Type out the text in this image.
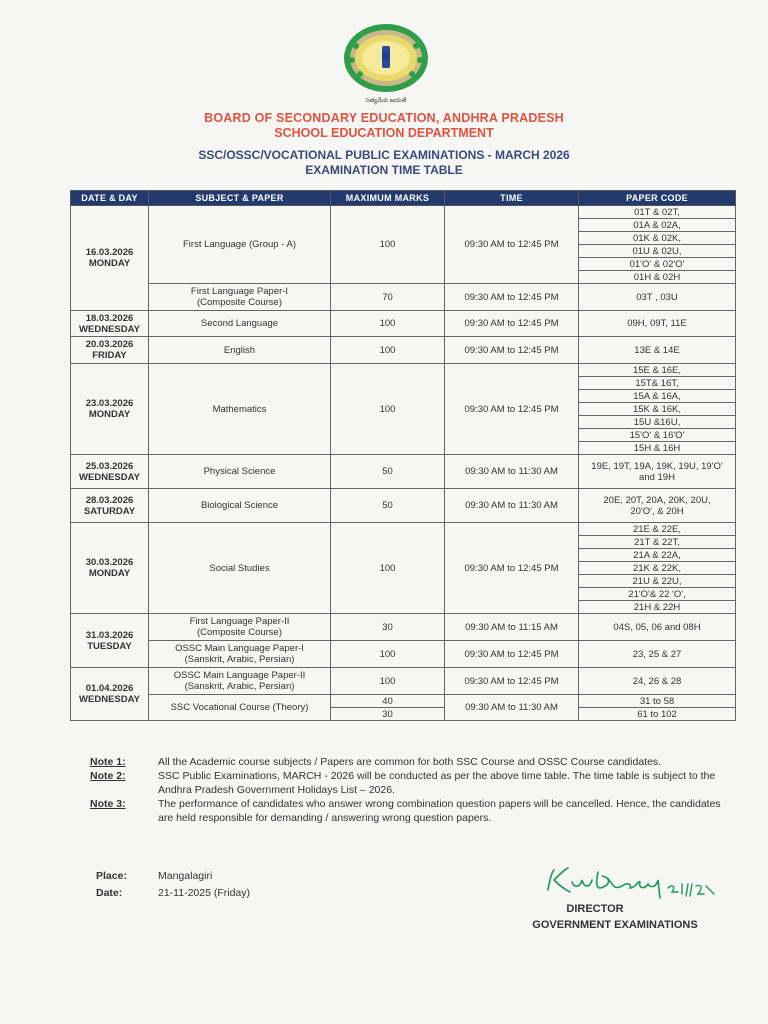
సత్యమేవ జయతే
BOARD OF SECONDARY EDUCATION, ANDHRA PRADESH
SCHOOL EDUCATION DEPARTMENT
SSC/OSSC/VOCATIONAL PUBLIC EXAMINATIONS - MARCH 2026
EXAMINATION TIME TABLE
DATE & DAY	SUBJECT & PAPER	MAXIMUM MARKS	TIME	PAPER CODE
16.03.2026
MONDAY	First Language (Group - A)	100	09:30 AM to 12:45 PM	01T & 02T,
				01A & 02A,
				01K & 02K,
				01U & 02U,
				01'O' & 02'O'
				01H & 02H
	First Language Paper-I (Composite Course)	70	09:30 AM to 12:45 PM	03T , 03U
18.03.2026
WEDNESDAY	Second Language	100	09:30 AM to 12:45 PM	09H, 09T, 11E
20.03.2026
FRIDAY	English	100	09:30 AM to 12:45 PM	13E & 14E
23.03.2026
MONDAY	Mathematics	100	09:30 AM to 12:45 PM	15E & 16E,
				15T& 16T,
				15A & 16A,
				15K & 16K,
				15U &16U,
				15'O' & 16'O'
				15H & 16H
25.03.2026
WEDNESDAY	Physical Science	50	09:30 AM to 11:30 AM	19E, 19T, 19A, 19K, 19U, 19'O' and 19H
28.03.2026
SATURDAY	Biological Science	50	09:30 AM to 11:30 AM	20E, 20T, 20A, 20K, 20U, 20'O', & 20H
30.03.2026
MONDAY	Social Studies	100	09:30 AM to 12:45 PM	21E & 22E,
				21T & 22T,
				21A & 22A,
				21K & 22K,
				21U & 22U,
				21'O'& 22 'O',
				21H & 22H
31.03.2026
TUESDAY	First Language Paper-II (Composite Course)	30	09:30 AM to 11:15 AM	04S, 05, 06 and 08H
	OSSC Main Language Paper-I (Sanskrit, Arabic, Persian)	100	09:30 AM to 12:45 PM	23, 25 & 27
01.04.2026
WEDNESDAY	OSSC Main Language Paper-II (Sanskrit, Arabic, Persian)	100	09:30 AM to 12:45 PM	24, 26 & 28
	SSC Vocational Course (Theory)	40	09:30 AM to 11:30 AM	31 to 58
		30		61 to 102
Note 1:	All the Academic course subjects / Papers are common for both SSC Course and OSSC Course candidates.
Note 2:	SSC Public Examinations, MARCH - 2026 will be conducted as per the above time table. The time table is subject to the Andhra Pradesh Government Holidays List – 2026.
Note 3:	The performance of candidates who answer wrong combination question papers will be cancelled. Hence, the candidates are held responsible for demanding / answering wrong question papers.
Place:	Mangalagiri
Date:	21-11-2025 (Friday)
DIRECTOR
GOVERNMENT EXAMINATIONS
